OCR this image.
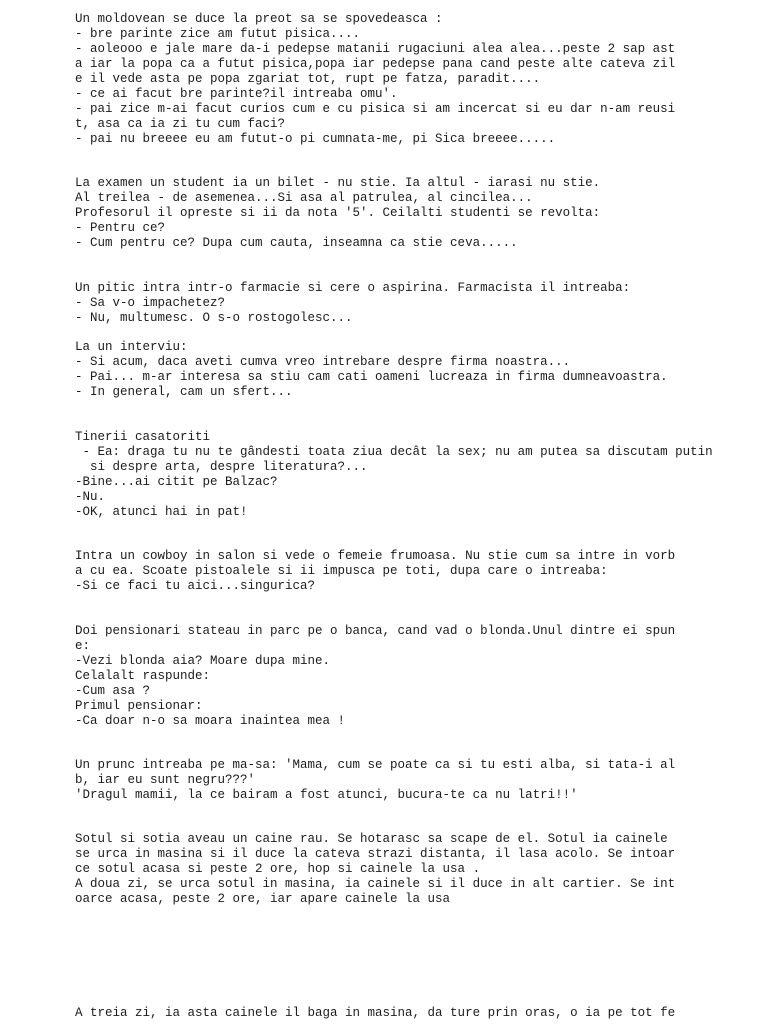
Un moldovean se duce la preot sa se spovedeasca :
- bre parinte zice am futut pisica....
- aoleooo e jale mare da-i pedepse matanii rugaciuni alea alea...peste 2 sap ast
a iar la popa ca a futut pisica,popa iar pedepse pana cand peste alte cateva zil
e il vede asta pe popa zgariat tot, rupt pe fatza, paradit....
- ce ai facut bre parinte?il intreaba omu'.
- pai zice m-ai facut curios cum e cu pisica si am incercat si eu dar n-am reusi
t, asa ca ia zi tu cum faci?
- pai nu breeee eu am futut-o pi cumnata-me, pi Sica breeee.....
La examen un student ia un bilet - nu stie. Ia altul - iarasi nu stie.
Al treilea - de asemenea...Si asa al patrulea, al cincilea...
Profesorul il opreste si ii da nota '5'. Ceilalti studenti se revolta:
- Pentru ce?
- Cum pentru ce? Dupa cum cauta, inseamna ca stie ceva.....
Un pitic intra intr-o farmacie si cere o aspirina. Farmacista il intreaba:
- Sa v-o impachetez?
- Nu, multumesc. O s-o rostogolesc...
La un interviu:
- Si acum, daca aveti cumva vreo intrebare despre firma noastra...
- Pai... m-ar interesa sa stiu cam cati oameni lucreaza in firma dumneavoastra.
- In general, cam un sfert...
Tinerii casatoriti
- Ea: draga tu nu te gândesti toata ziua decât la sex; nu am putea sa discutam putin
si despre arta, despre literatura?...
-Bine...ai citit pe Balzac?
-Nu.
-OK, atunci hai in pat!
Intra un cowboy in salon si vede o femeie frumoasa. Nu stie cum sa intre in vorb
a cu ea. Scoate pistoalele si ii impusca pe toti, dupa care o intreaba:
-Si ce faci tu aici...singurica?
Doi pensionari stateau in parc pe o banca, cand vad o blonda.Unul dintre ei spun
e:
-Vezi blonda aia? Moare dupa mine.
Celalalt raspunde:
-Cum asa ?
Primul pensionar:
-Ca doar n-o sa moara inaintea mea !
Un prunc intreaba pe ma-sa: 'Mama, cum se poate ca si tu esti alba, si tata-i al
b, iar eu sunt negru???'
'Dragul mamii, la ce bairam a fost atunci, bucura-te ca nu latri!!'
Sotul si sotia aveau un caine rau. Se hotarasc sa scape de el. Sotul ia cainele
se urca in masina si il duce la cateva strazi distanta, il lasa acolo. Se intoar
ce sotul acasa si peste 2 ore, hop si cainele la usa .
A doua zi, se urca sotul in masina, ia cainele si il duce in alt cartier. Se int
oarce acasa, peste 2 ore, iar apare cainele la usa
A treia zi, ia asta cainele il baga in masina, da ture prin oras, o ia pe tot fe
